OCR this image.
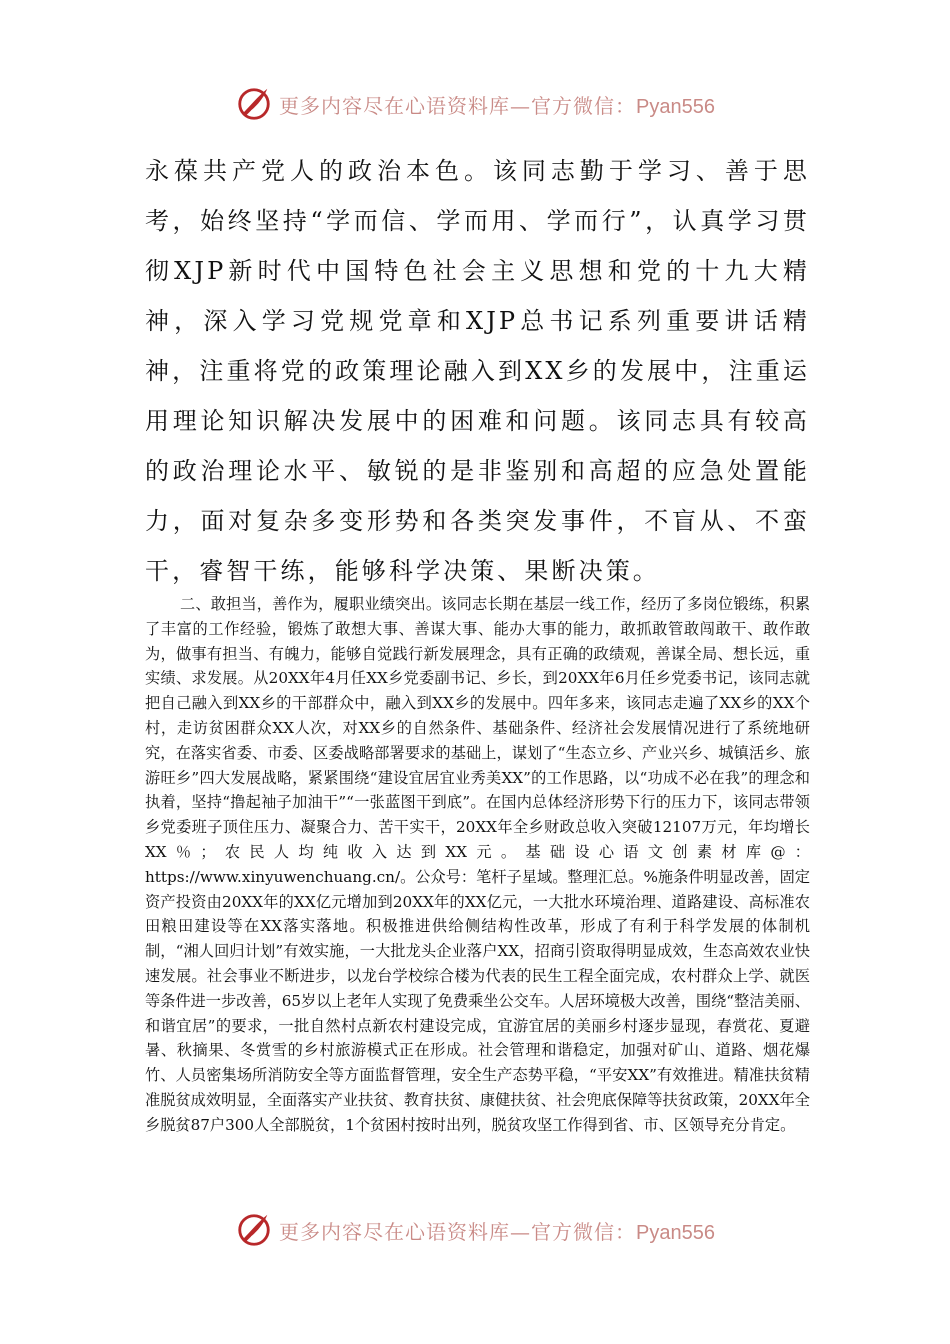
更多内容尽在心语资料库—官方微信：Pyan556

永葆共产党人的政治本色。该同志勤于学习、善于思考，始终坚持“学而信、学而用、学而行”，认真学习贯彻XJP新时代中国特色社会主义思想和党的十九大精神，深入学习党规党章和XJP总书记系列重要讲话精神，注重将党的政策理论融入到XX乡的发展中，注重运用理论知识解决发展中的困难和问题。该同志具有较高的政治理论水平、敏锐的是非鉴别和高超的应急处置能力，面对复杂多变形势和各类突发事件，不盲从、不蛮干，睿智干练，能够科学决策、果断决策。

二、敢担当，善作为，履职业绩突出。该同志长期在基层一线工作，经历了多岗位锻练，积累了丰富的工作经验，锻炼了敢想大事、善谋大事、能办大事的能力，敢抓敢管敢闯敢干、敢作敢为，做事有担当、有魄力，能够自觉践行新发展理念，具有正确的政绩观，善谋全局、想长远，重实绩、求发展。从20XX年4月任XX乡党委副书记、乡长，到20XX年6月任乡党委书记，该同志就把自己融入到XX乡的干部群众中，融入到XX乡的发展中。四年多来，该同志走遍了XX乡的XX个村，走访贫困群众XX人次，对XX乡的自然条件、基础条件、经济社会发展情况进行了系统地研究，在落实省委、市委、区委战略部署要求的基础上，谋划了“生态立乡、产业兴乡、城镇活乡、旅游旺乡”四大发展战略，紧紧围绕“建设宜居宜业秀美XX”的工作思路，以“功成不必在我”的理念和执着，坚持“撸起袖子加油干”“一张蓝图干到底”。在国内总体经济形势下行的压力下，该同志带领乡党委班子顶住压力、凝聚合力、苦干实干，20XX年全乡财政总收入突破12107万元，年均增长XX％；农民人均纯收入达到XX元。基础设心语文创素材库@：https://www.xinyuwenchuang.cn/。公众号：笔杆子星域。整理汇总。%施条件明显改善，固定资产投资由20XX年的XX亿元增加到20XX年的XX亿元，一大批水环境治理、道路建设、高标准农田粮田建设等在XX落实落地。积极推进供给侧结构性改革，形成了有利于科学发展的体制机制，“湘人回归计划”有效实施，一大批龙头企业落户XX，招商引资取得明显成效，生态高效农业快速发展。社会事业不断进步，以龙台学校综合楼为代表的民生工程全面完成，农村群众上学、就医等条件进一步改善，65岁以上老年人实现了免费乘坐公交车。人居环境极大改善，围绕“整洁美丽、和谐宜居”的要求，一批自然村点新农村建设完成，宜游宜居的美丽乡村逐步显现，春赏花、夏避暑、秋摘果、冬赏雪的乡村旅游模式正在形成。社会管理和谐稳定，加强对矿山、道路、烟花爆竹、人员密集场所消防安全等方面监督管理，安全生产态势平稳，“平安XX”有效推进。精准扶贫精准脱贫成效明显，全面落实产业扶贫、教育扶贫、康健扶贫、社会兜底保障等扶贫政策，20XX年全乡脱贫87户300人全部脱贫，1个贫困村按时出列，脱贫攻坚工作得到省、市、区领导充分肯定。

更多内容尽在心语资料库—官方微信：Pyan556
